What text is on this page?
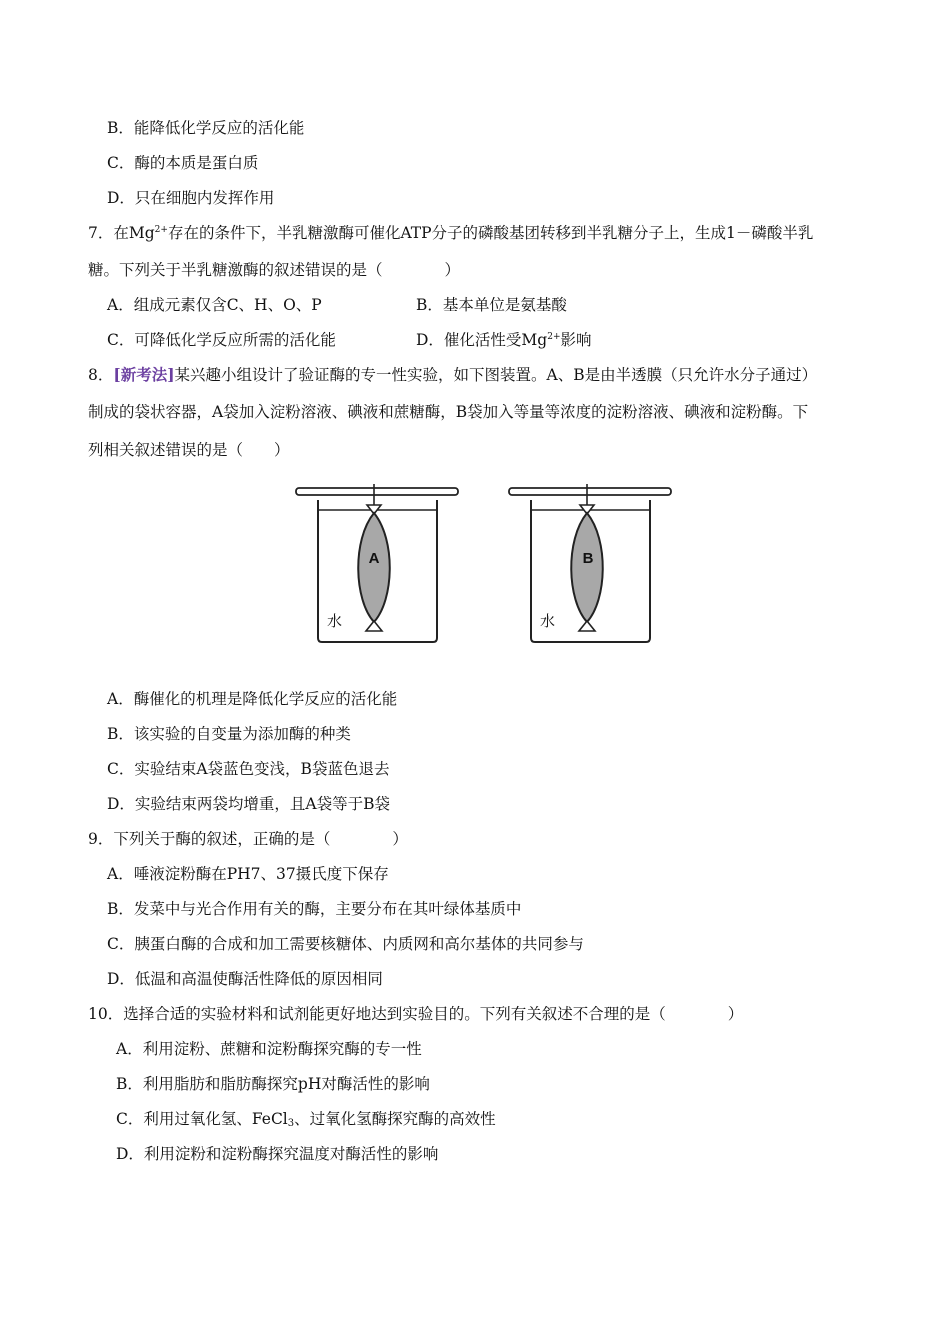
B．能降低化学反应的活化能
C．酶的本质是蛋白质
D．只在细胞内发挥作用
7．在$Mg^{2+}$存在的条件下，半乳糖激酶可催化ATP分子的磷酸基团转移到半乳糖分子上，生成1－磷酸半乳
糖。下列关于半乳糖激酶的叙述错误的是（　　　　）
A．组成元素仅含C、H、O、P	B．基本单位是氨基酸
C．可降低化学反应所需的活化能	D．催化活性受$Mg^{2+}$影响
8．[新考法]某兴趣小组设计了验证酶的专一性实验，如下图装置。A、B是由半透膜（只允许水分子通过）
制成的袋状容器，A袋加入淀粉溶液、碘液和蔗糖酶，B袋加入等量等浓度的淀粉溶液、碘液和淀粉酶。下
列相关叙述错误的是（　　）
A	B
水	水
A．酶催化的机理是降低化学反应的活化能
B．该实验的自变量为添加酶的种类
C．实验结束A袋蓝色变浅，B袋蓝色退去
D．实验结束两袋均增重，且A袋等于B袋
9．下列关于酶的叙述，正确的是（　　　　）
A．唾液淀粉酶在PH7、37摄氏度下保存
B．发菜中与光合作用有关的酶，主要分布在其叶绿体基质中
C．胰蛋白酶的合成和加工需要核糖体、内质网和高尔基体的共同参与
D．低温和高温使酶活性降低的原因相同
10．选择合适的实验材料和试剂能更好地达到实验目的。下列有关叙述不合理的是（　　　　）
A．利用淀粉、蔗糖和淀粉酶探究酶的专一性
B．利用脂肪和脂肪酶探究pH对酶活性的影响
C．利用过氧化氢、FeCl$_3$、过氧化氢酶探究酶的高效性
D．利用淀粉和淀粉酶探究温度对酶活性的影响
